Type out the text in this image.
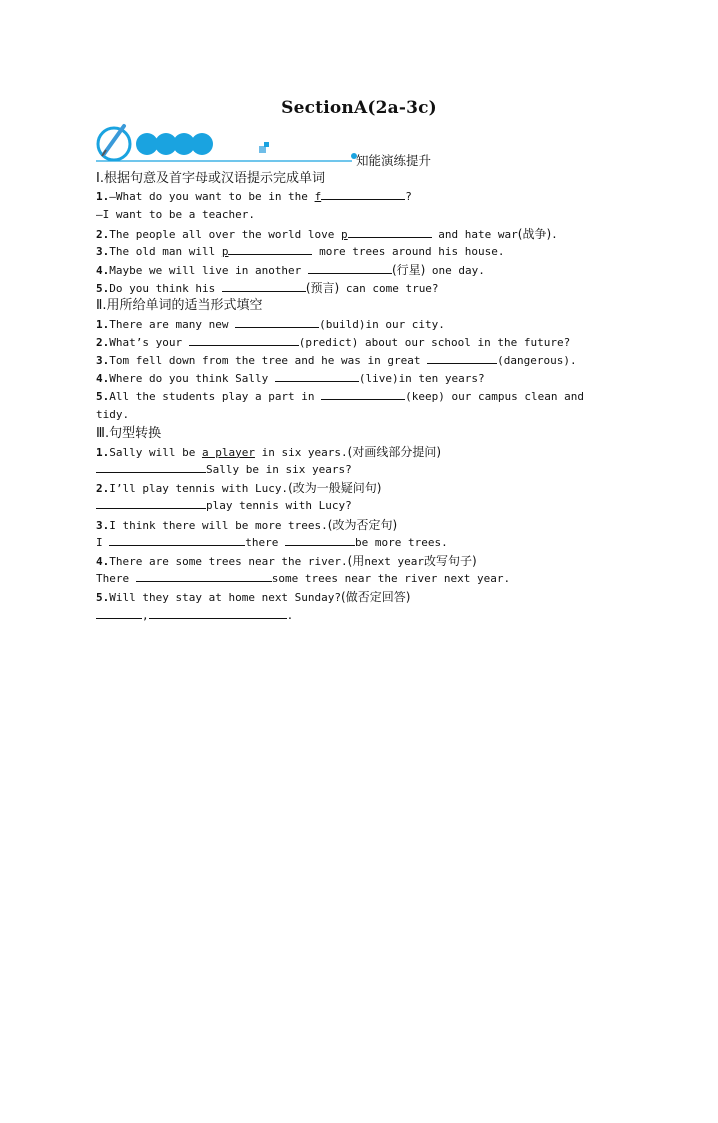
SectionA(2a-3c)
知能演练提升
Ⅰ.根据句意及首字母或汉语提示完成单词
1.—What do you want to be in the f	?
—I want to be a teacher.
2.The people all over the world love p	and hate war(战争).
3.The old man will p	more trees around his house.
4.Maybe we will live in another	(行星) one day.
5.Do you think his	(预言) can come true?
Ⅱ.用所给单词的适当形式填空
1.There are many new	(build)in our city.
2.What’s your	(predict) about our school in the future?
3.Tom fell down from the tree and he was in great	(dangerous).
4.Where do you think Sally	(live)in ten years?
5.All the students play a part in	(keep) our campus clean and
tidy.
Ⅲ.句型转换
1.Sally will be a player in six years.(对画线部分提问)
Sally be in six years?
2.I’ll play tennis with Lucy.(改为一般疑问句)
play tennis with Lucy?
3.I think there will be more trees.(改为否定句)
I	there	be more trees.
4.There are some trees near the river.(用next year改写句子)
There	some trees near the river next year.
5.Will they stay at home next Sunday?(做否定回答)
,	.
